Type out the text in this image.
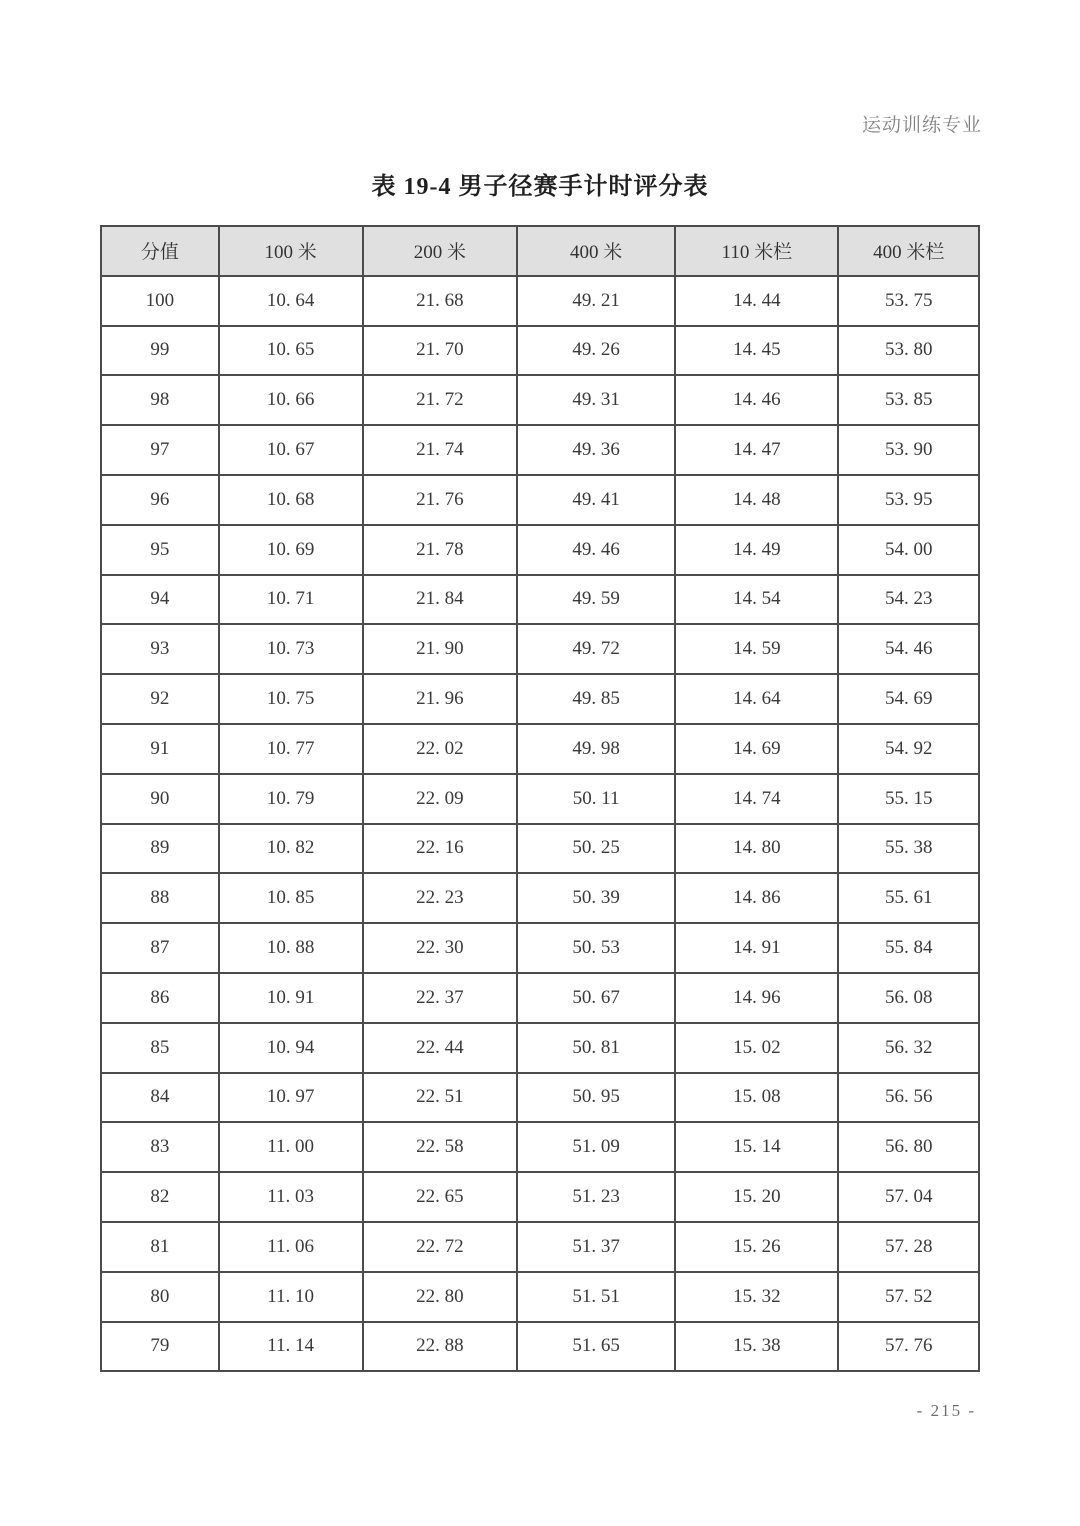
运动训练专业
表 19-4 男子径赛手计时评分表
分值	100 米	200 米	400 米	110 米栏	400 米栏
100	10. 64	21. 68	49. 21	14. 44	53. 75
99	10. 65	21. 70	49. 26	14. 45	53. 80
98	10. 66	21. 72	49. 31	14. 46	53. 85
97	10. 67	21. 74	49. 36	14. 47	53. 90
96	10. 68	21. 76	49. 41	14. 48	53. 95
95	10. 69	21. 78	49. 46	14. 49	54. 00
94	10. 71	21. 84	49. 59	14. 54	54. 23
93	10. 73	21. 90	49. 72	14. 59	54. 46
92	10. 75	21. 96	49. 85	14. 64	54. 69
91	10. 77	22. 02	49. 98	14. 69	54. 92
90	10. 79	22. 09	50. 11	14. 74	55. 15
89	10. 82	22. 16	50. 25	14. 80	55. 38
88	10. 85	22. 23	50. 39	14. 86	55. 61
87	10. 88	22. 30	50. 53	14. 91	55. 84
86	10. 91	22. 37	50. 67	14. 96	56. 08
85	10. 94	22. 44	50. 81	15. 02	56. 32
84	10. 97	22. 51	50. 95	15. 08	56. 56
83	11. 00	22. 58	51. 09	15. 14	56. 80
82	11. 03	22. 65	51. 23	15. 20	57. 04
81	11. 06	22. 72	51. 37	15. 26	57. 28
80	11. 10	22. 80	51. 51	15. 32	57. 52
79	11. 14	22. 88	51. 65	15. 38	57. 76
- 215 -
